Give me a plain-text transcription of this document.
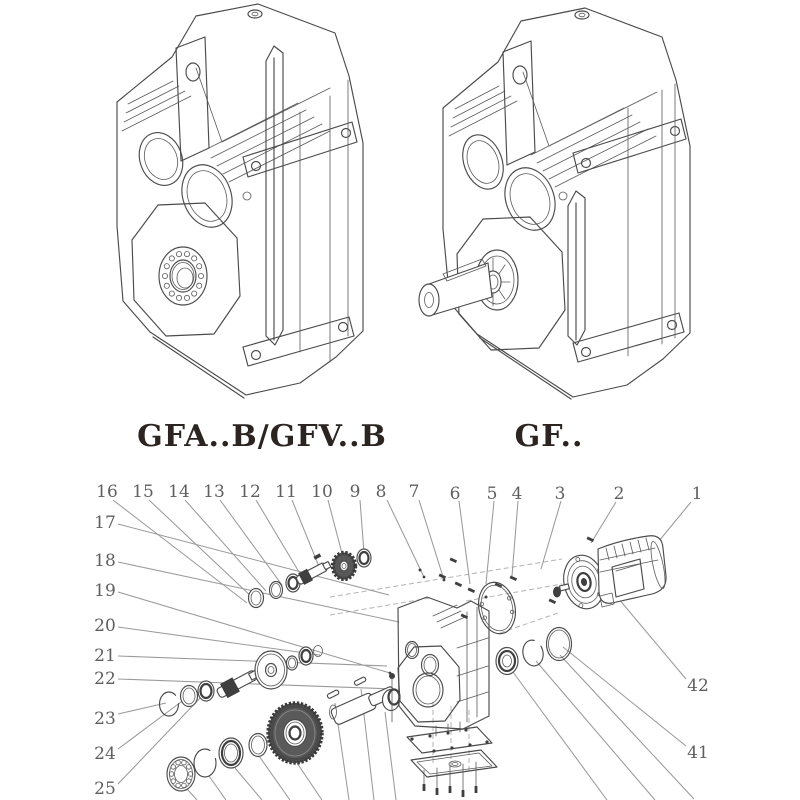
GFA..B/GFV..B	GF..
16 15 14 13 12 11 10 9 8 7 6 5 4 3	2	1
17
18
19
20
21
22
23
24
25
42
41
